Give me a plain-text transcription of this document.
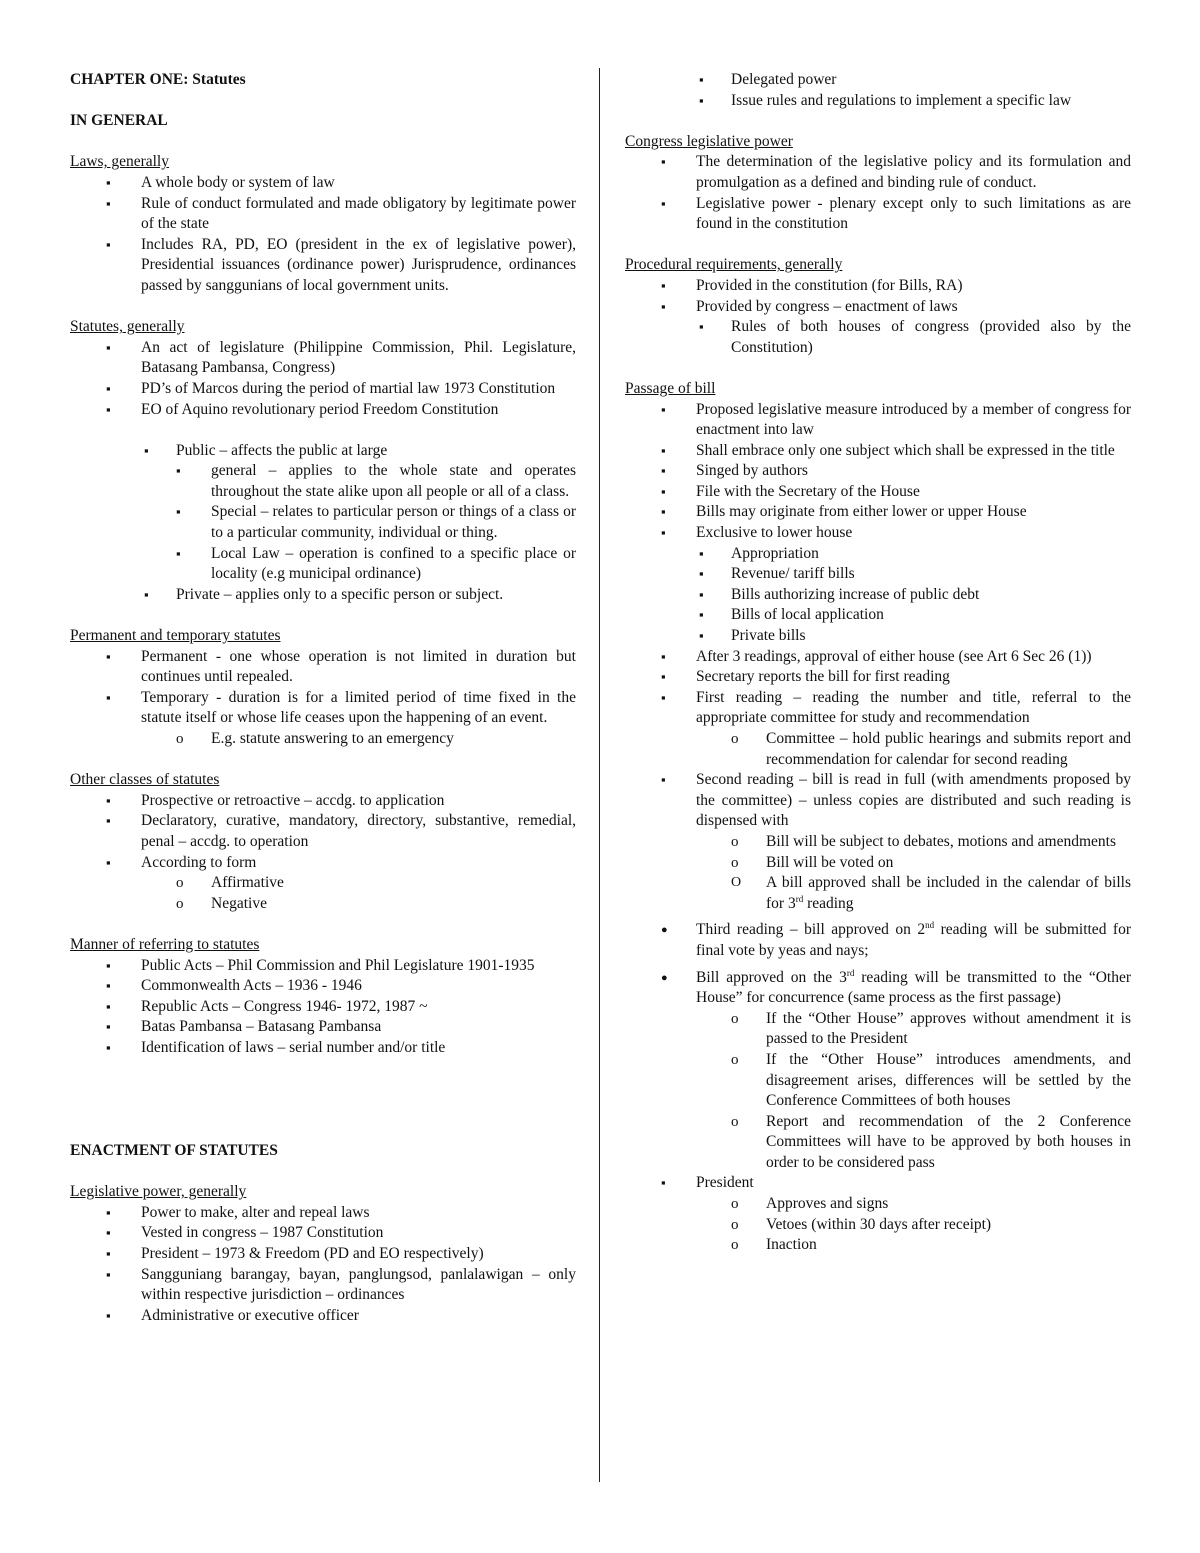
CHAPTER ONE: Statutes
IN GENERAL
Laws, generally
▪ A whole body or system of law
▪ Rule of conduct formulated and made obligatory by legitimate power of the state
▪ Includes RA, PD, EO (president in the ex of legislative power), Presidential issuances (ordinance power) Jurisprudence, ordinances passed by sanggunians of local government units.
Statutes, generally
▪ An act of legislature (Philippine Commission, Phil. Legislature, Batasang Pambansa, Congress)
▪ PD’s of Marcos during the period of martial law 1973 Constitution
▪ EO of Aquino revolutionary period Freedom Constitution
▪ Public – affects the public at large
▪ general – applies to the whole state and operates throughout the state alike upon all people or all of a class.
▪ Special – relates to particular person or things of a class or to a particular community, individual or thing.
▪ Local Law – operation is confined to a specific place or locality (e.g municipal ordinance)
▪ Private – applies only to a specific person or subject.
Permanent and temporary statutes
▪ Permanent - one whose operation is not limited in duration but continues until repealed.
▪ Temporary - duration is for a limited period of time fixed in the statute itself or whose life ceases upon the happening of an event.
o E.g. statute answering to an emergency
Other classes of statutes
▪ Prospective or retroactive – accdg. to application
▪ Declaratory, curative, mandatory, directory, substantive, remedial, penal – accdg. to operation
▪ According to form
o Affirmative
o Negative
Manner of referring to statutes
▪ Public Acts – Phil Commission and Phil Legislature 1901-1935
▪ Commonwealth Acts – 1936 - 1946
▪ Republic Acts – Congress 1946- 1972, 1987 ~
▪ Batas Pambansa – Batasang Pambansa
▪ Identification of laws – serial number and/or title
ENACTMENT OF STATUTES
Legislative power, generally
▪ Power to make, alter and repeal laws
▪ Vested in congress – 1987 Constitution
▪ President – 1973 & Freedom (PD and EO respectively)
▪ Sangguniang barangay, bayan, panglungsod, panlalawigan – only within respective jurisdiction – ordinances
▪ Administrative or executive officer
▪ Delegated power
▪ Issue rules and regulations to implement a specific law
Congress legislative power
▪ The determination of the legislative policy and its formulation and promulgation as a defined and binding rule of conduct.
▪ Legislative power - plenary except only to such limitations as are found in the constitution
Procedural requirements, generally
▪ Provided in the constitution (for Bills, RA)
▪ Provided by congress – enactment of laws
▪ Rules of both houses of congress (provided also by the Constitution)
Passage of bill
▪ Proposed legislative measure introduced by a member of congress for enactment into law
▪ Shall embrace only one subject which shall be expressed in the title
▪ Singed by authors
▪ File with the Secretary of the House
▪ Bills may originate from either lower or upper House
▪ Exclusive to lower house
▪ Appropriation
▪ Revenue/ tariff bills
▪ Bills authorizing increase of public debt
▪ Bills of local application
▪ Private bills
▪ After 3 readings, approval of either house (see Art 6 Sec 26 (1))
▪ Secretary reports the bill for first reading
▪ First reading – reading the number and title, referral to the appropriate committee for study and recommendation
o Committee – hold public hearings and submits report and recommendation for calendar for second reading
▪ Second reading – bill is read in full (with amendments proposed by the committee) – unless copies are distributed and such reading is dispensed with
o Bill will be subject to debates, motions and amendments
o Bill will be voted on
O A bill approved shall be included in the calendar of bills for 3rd reading
● Third reading – bill approved on 2nd reading will be submitted for final vote by yeas and nays;
● Bill approved on the 3rd reading will be transmitted to the “Other House” for concurrence (same process as the first passage)
o If the “Other House” approves without amendment it is passed to the President
o If the “Other House” introduces amendments, and disagreement arises, differences will be settled by the Conference Committees of both houses
o Report and recommendation of the 2 Conference Committees will have to be approved by both houses in order to be considered pass
▪ President
o Approves and signs
o Vetoes (within 30 days after receipt)
o Inaction
